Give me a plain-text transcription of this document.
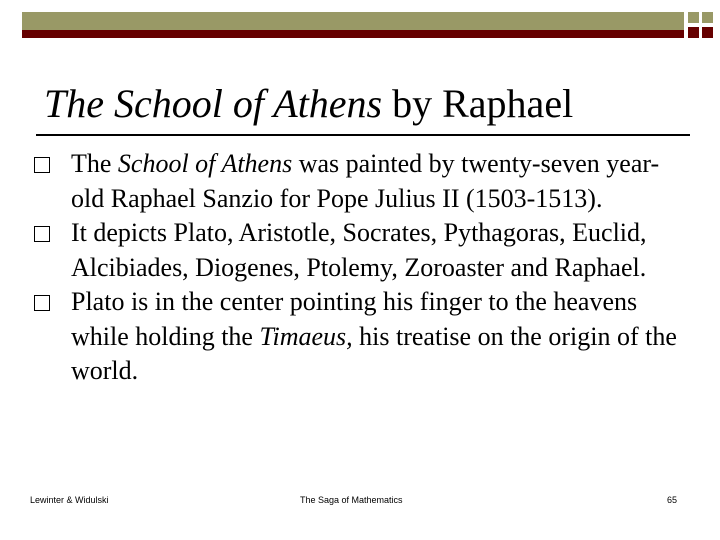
The School of Athens by Raphael
The School of Athens was painted by twenty-seven year-old Raphael Sanzio for Pope Julius II (1503-1513).
It depicts Plato, Aristotle, Socrates, Pythagoras, Euclid, Alcibiades, Diogenes, Ptolemy, Zoroaster and Raphael.
Plato is in the center pointing his finger to the heavens while holding the Timaeus, his treatise on the origin of the world.
Lewinter & Widulski	The Saga of Mathematics	65
